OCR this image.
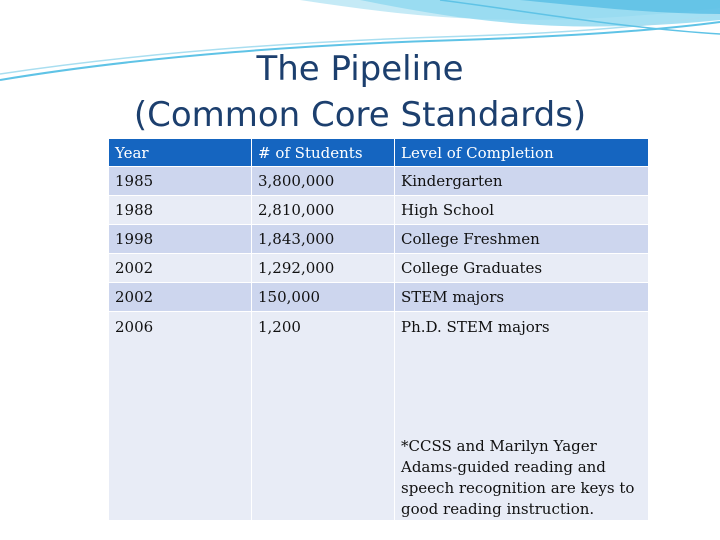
The Pipeline
(Common Core Standards)
Year	# of Students	Level of Completion
1985	3,800,000	Kindergarten
1988	2,810,000	High School
1998	1,843,000	College Freshmen
2002	1,292,000	College Graduates
2002	150,000	STEM majors
2006	1,200	Ph.D. STEM majors
*CCSS and Marilyn Yager Adams-guided reading and speech recognition are keys to good reading instruction.
